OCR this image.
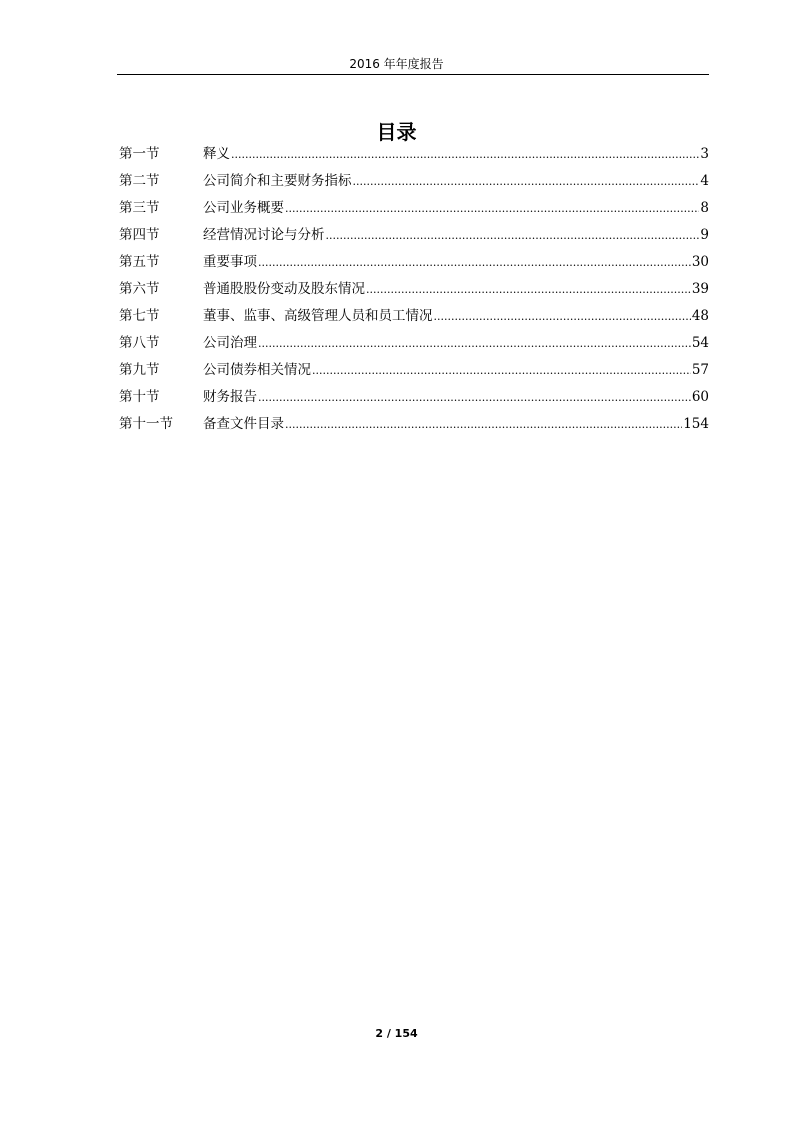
2016 年年度报告
目录
第一节	释义 .....	3
第二节	公司简介和主要财务指标 .....	4
第三节	公司业务概要 .....	8
第四节	经营情况讨论与分析 .....	9
第五节	重要事项 .....	30
第六节	普通股股份变动及股东情况 .....	39
第七节	董事、监事、高级管理人员和员工情况 .....	48
第八节	公司治理 .....	54
第九节	公司债券相关情况 .....	57
第十节	财务报告 .....	60
第十一节	备查文件目录 .....	154
2 / 154
